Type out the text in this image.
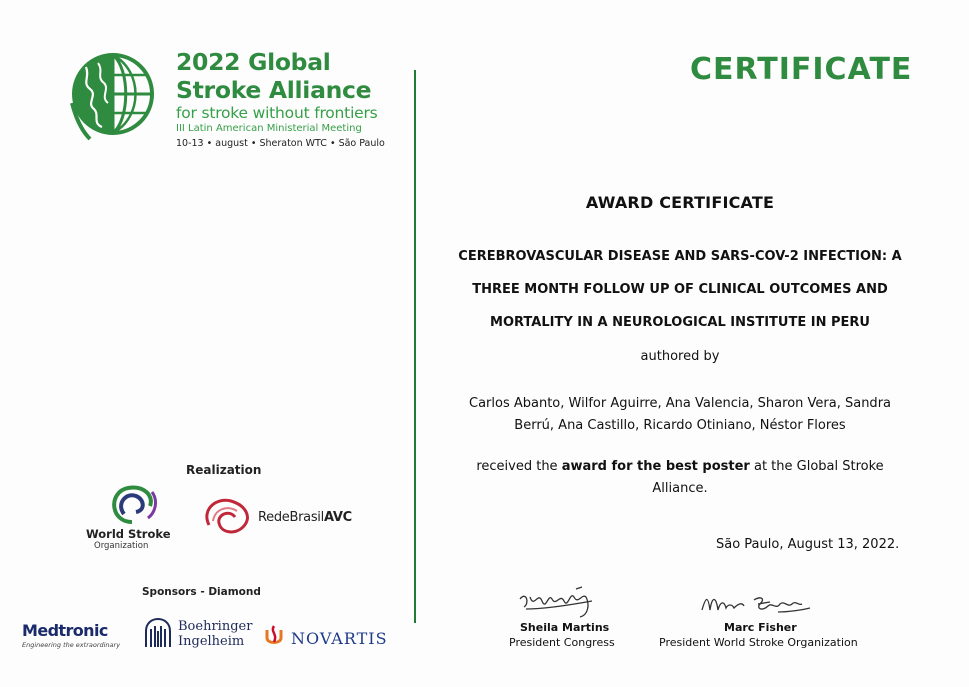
2022 Global
Stroke Alliance
for stroke without frontiers
III Latin American Ministerial Meeting
10-13 • august • Sheraton WTC • São Paulo
Realization
World Stroke
Organization
RedeBrasilAVC
Sponsors - Diamond
Medtronic
Engineering the extraordinary
Boehringer
Ingelheim	NOVARTIS
CERTIFICATE
AWARD CERTIFICATE
CEREBROVASCULAR DISEASE AND SARS-COV-2 INFECTION: A
THREE MONTH FOLLOW UP OF CLINICAL OUTCOMES AND
MORTALITY IN A NEUROLOGICAL INSTITUTE IN PERU
authored by
Carlos Abanto, Wilfor Aguirre, Ana Valencia, Sharon Vera, Sandra
Berrú, Ana Castillo, Ricardo Otiniano, Néstor Flores
received the award for the best poster at the Global Stroke
Alliance.
São Paulo, August 13, 2022.
Sheila Martins
President Congress
Marc Fisher
President World Stroke Organization
